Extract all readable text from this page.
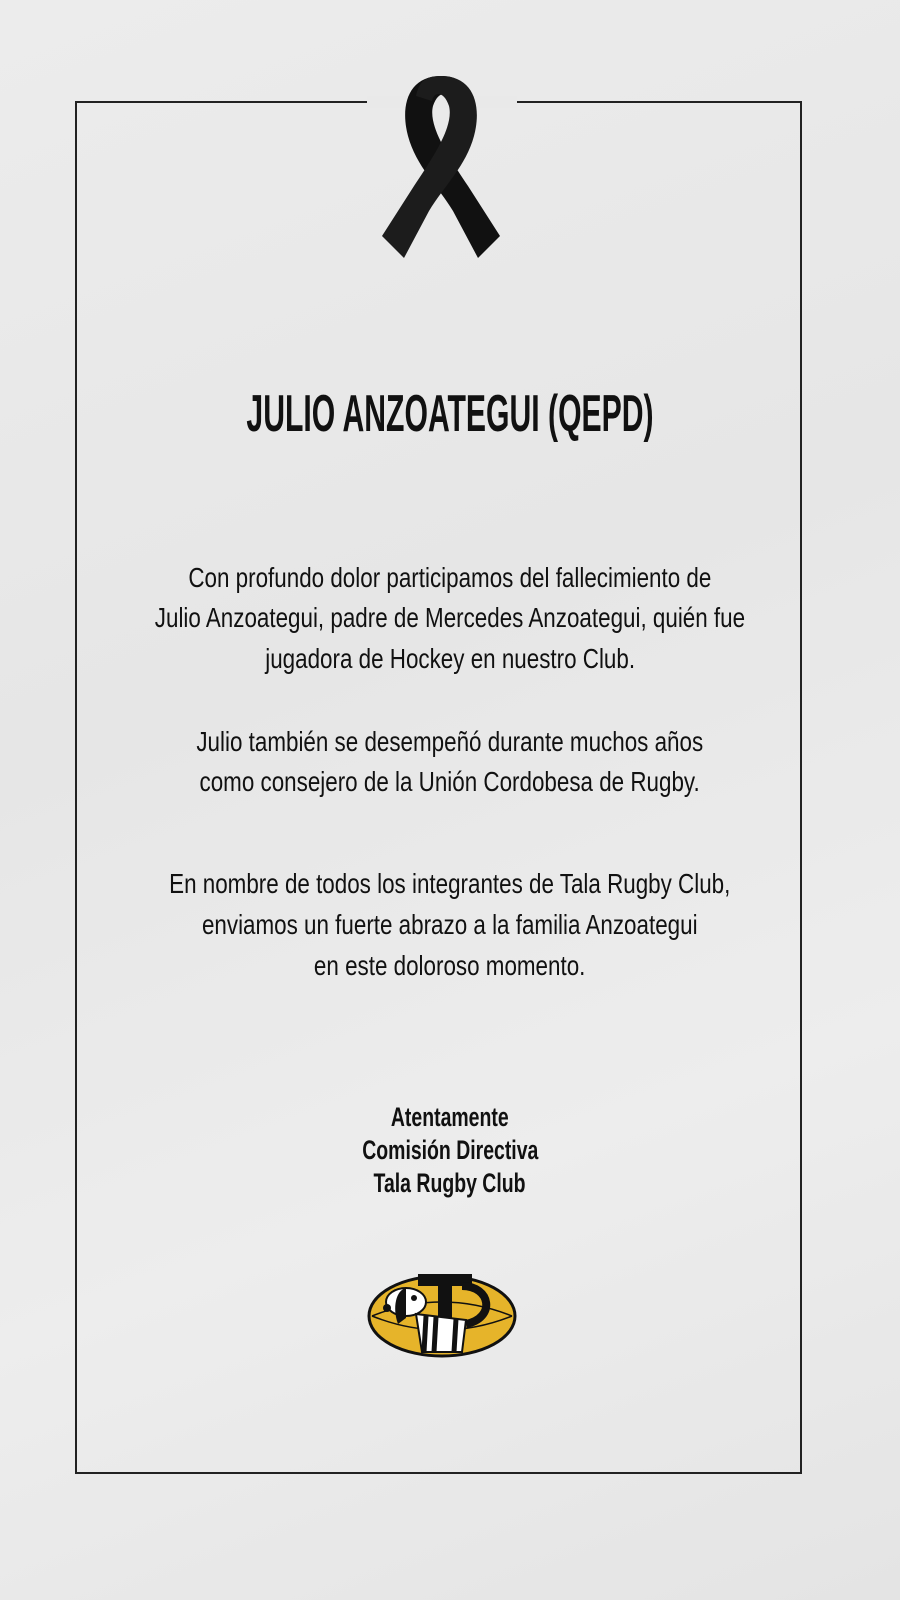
JULIO ANZOATEGUI (QEPD)
Con profundo dolor participamos del fallecimiento de
Julio Anzoategui, padre de Mercedes Anzoategui, quién fue
jugadora de Hockey en nuestro Club.
Julio también se desempeñó durante muchos años
como consejero de la Unión Cordobesa de Rugby.
En nombre de todos los integrantes de Tala Rugby Club,
enviamos un fuerte abrazo a la familia Anzoategui
en este doloroso momento.
Atentamente
Comisión Directiva
Tala Rugby Club
